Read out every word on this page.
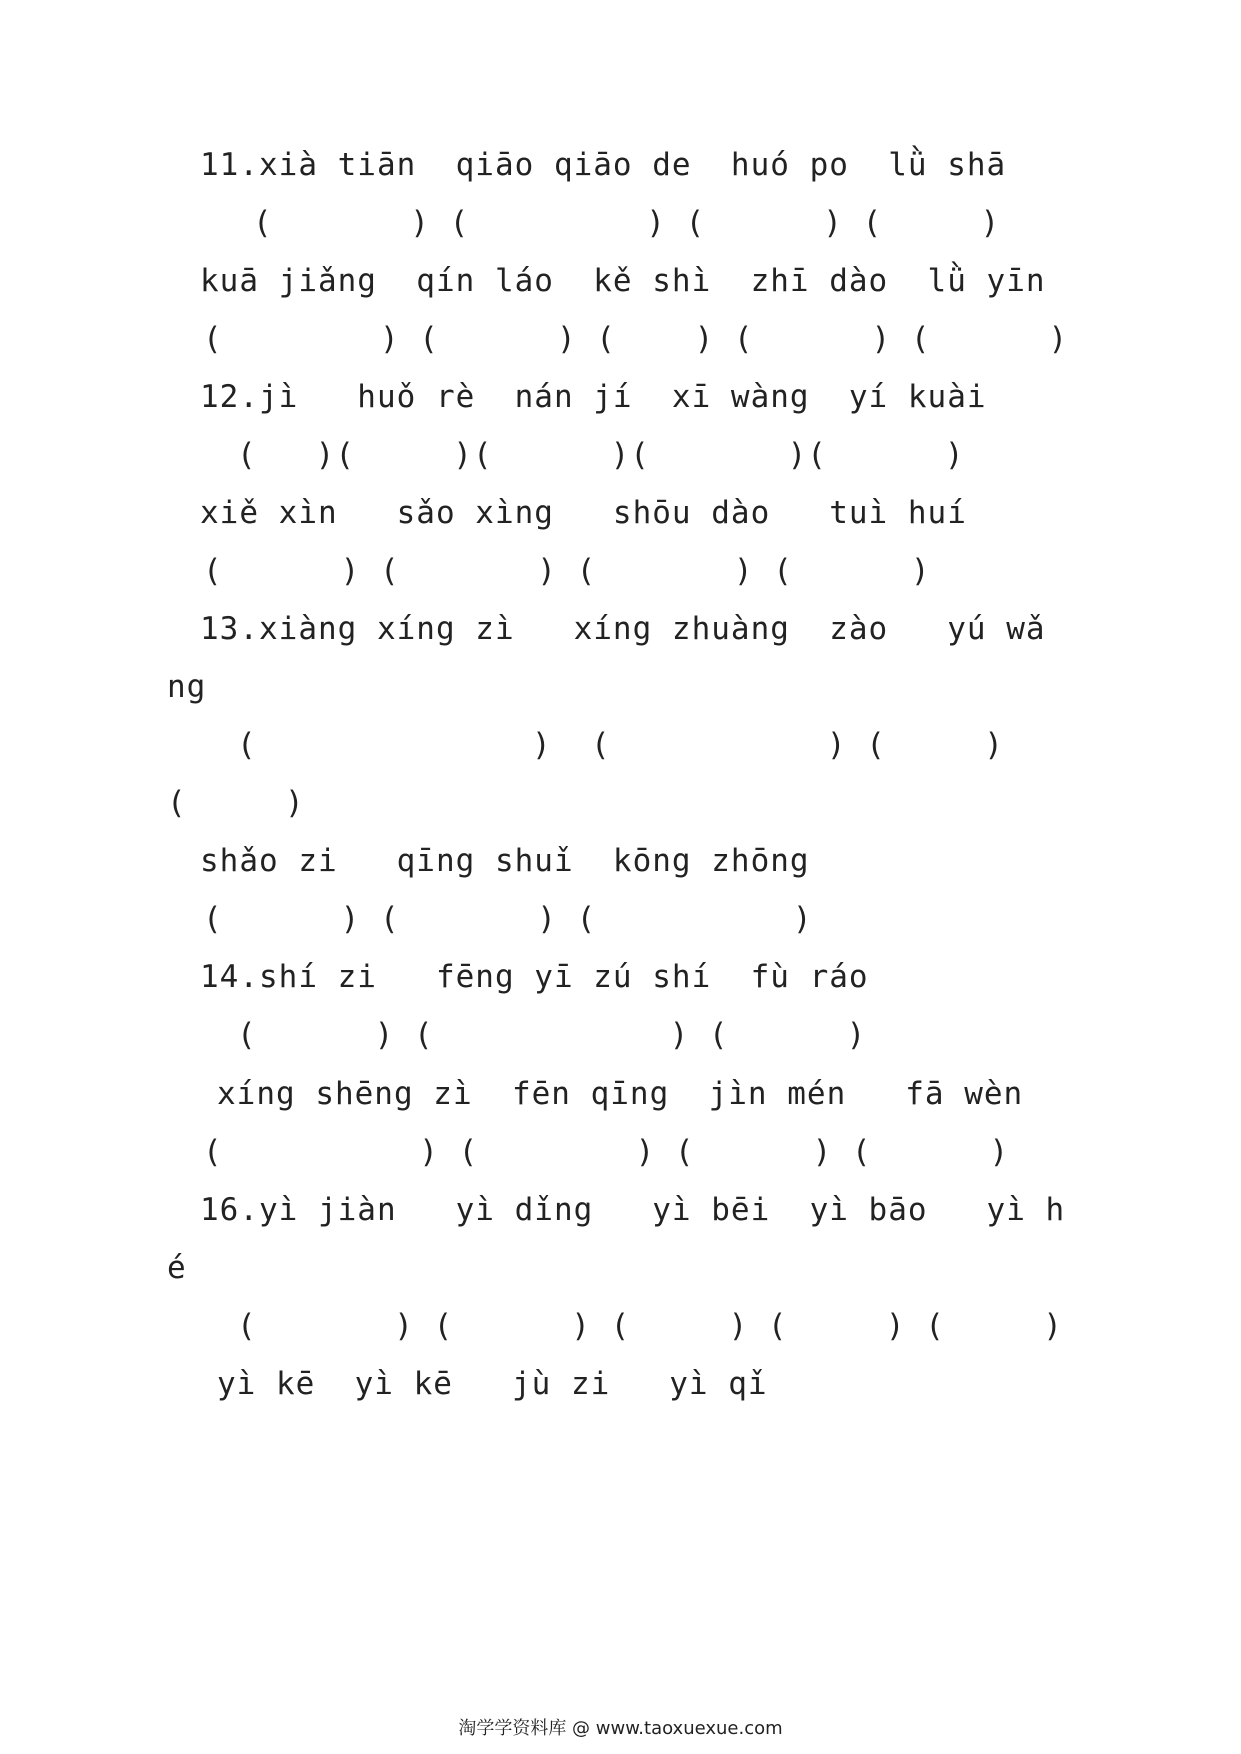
11.xià tiān  qiāo qiāo de  huó po  lǜ shā
(       ) (         ) (      ) (     )
kuā jiǎng  qín láo  kě shì  zhī dào  lǜ yīn
(        ) (      ) (    ) (      ) (      )
12.jì   huǒ rè  nán jí  xī wàng  yí kuài
(   )(     )(      )(       )(      )
xiě xìn   sǎo xìng   shōu dào   tuì huí
(      ) (       ) (       ) (      )
13.xiàng xíng zì   xíng zhuàng  zào   yú wǎ
ng
(              )  (           ) (     )
(     )
shǎo zi   qīng shuǐ  kōng zhōng
(      ) (       ) (          )
14.shí zi   fēng yī zú shí  fù ráo
(      ) (            ) (      )
xíng shēng zì  fēn qīng  jìn mén   fā wèn
(          ) (        ) (      ) (      )
16.yì jiàn   yì dǐng   yì bēi  yì bāo   yì h
é
(       ) (      ) (     ) (     ) (     )
yì kē  yì kē   jù zi   yì qǐ
淘学学资料库 @ www.taoxuexue.com
